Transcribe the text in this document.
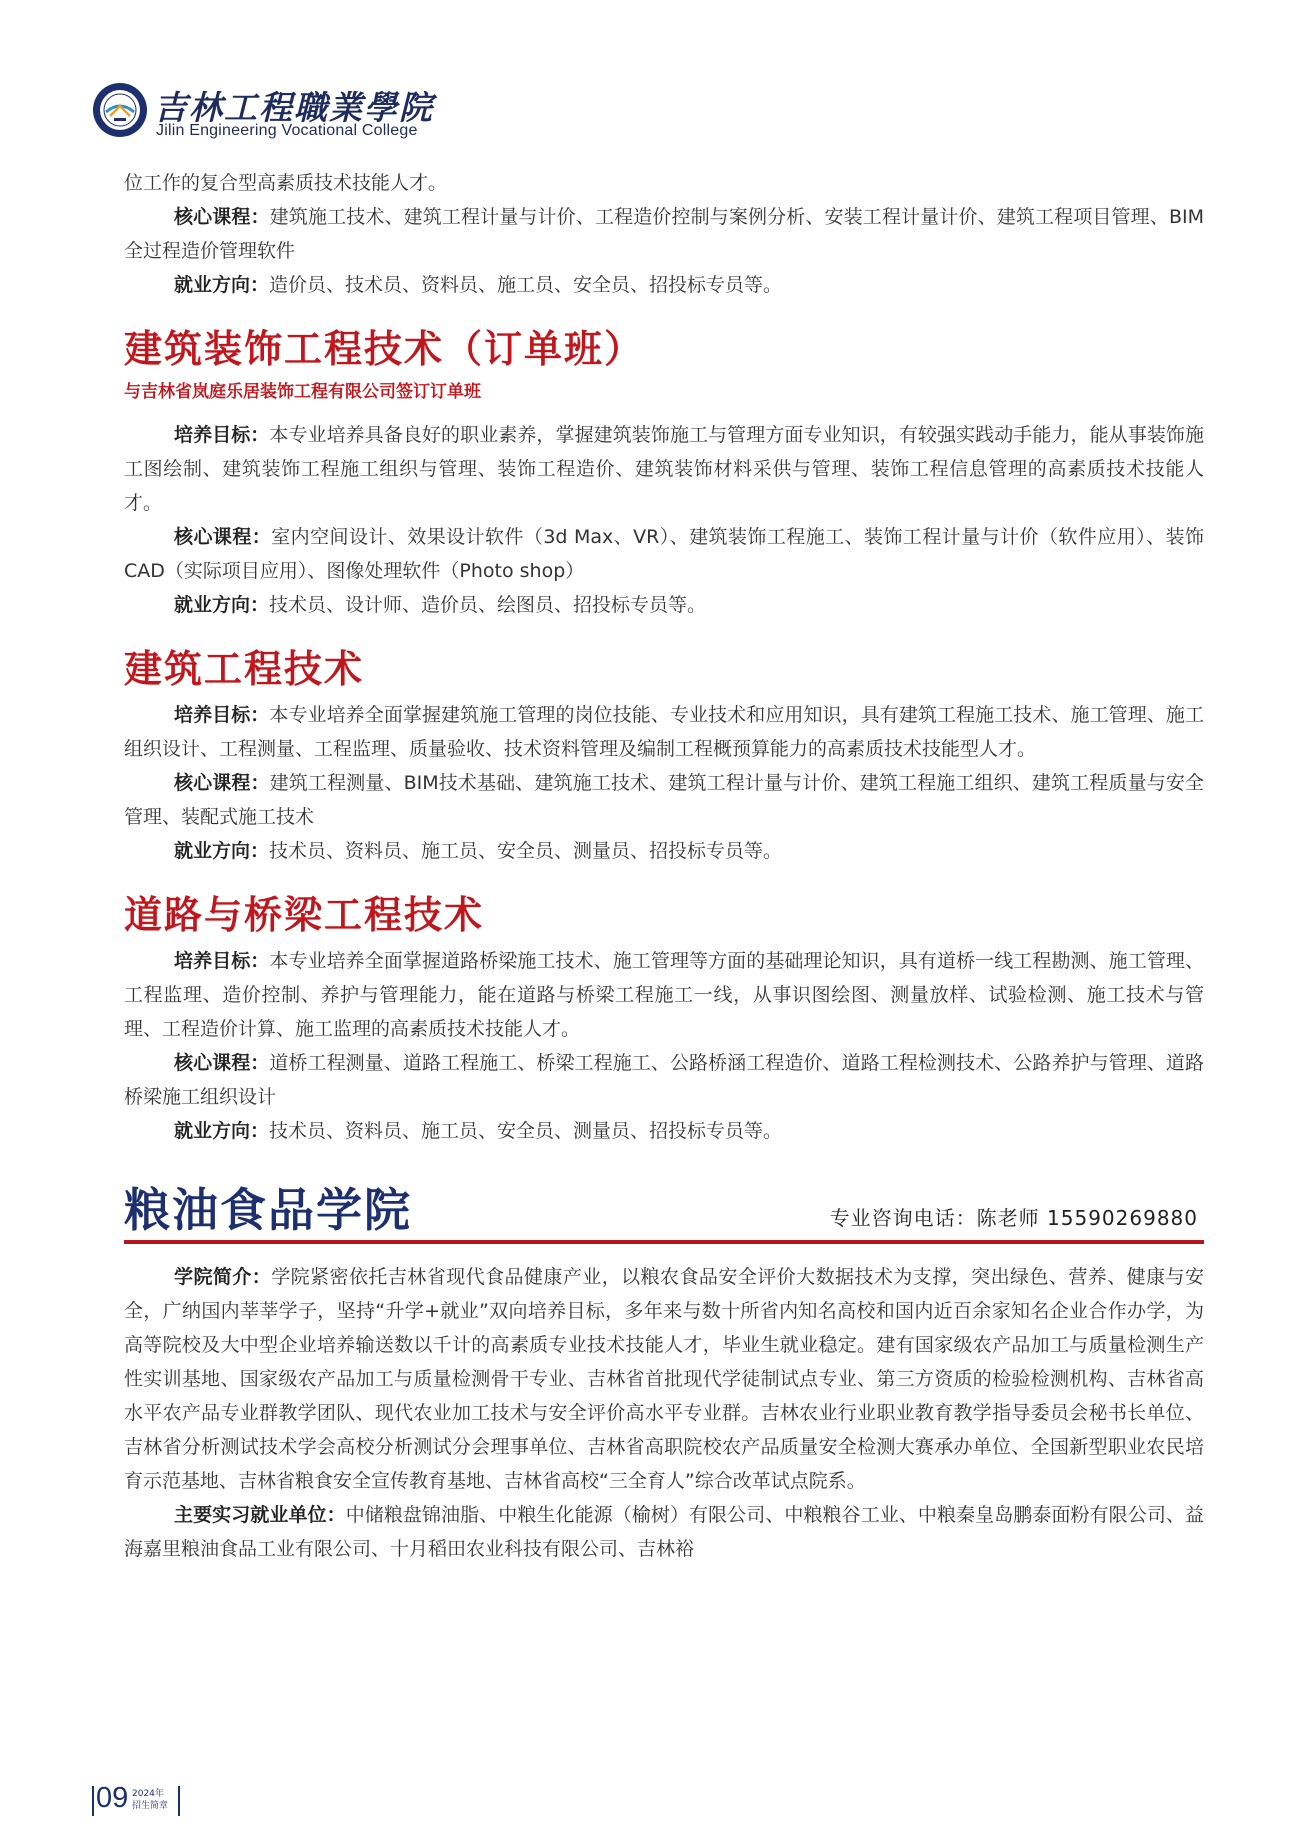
吉林工程職業學院
Jilin Engineering Vocational College

位工作的复合型高素质技术技能人才。

核心课程：建筑施工技术、建筑工程计量与计价、工程造价控制与案例分析、安装工程计量计价、建筑工程项目管理、BIM全过程造价管理软件

就业方向：造价员、技术员、资料员、施工员、安全员、招投标专员等。

建筑装饰工程技术（订单班）
与吉林省岚庭乐居装饰工程有限公司签订订单班

培养目标：本专业培养具备良好的职业素养，掌握建筑装饰施工与管理方面专业知识，有较强实践动手能力，能从事装饰施工图绘制、建筑装饰工程施工组织与管理、装饰工程造价、建筑装饰材料采供与管理、装饰工程信息管理的高素质技术技能人才。

核心课程：室内空间设计、效果设计软件（3d Max、VR）、建筑装饰工程施工、装饰工程计量与计价（软件应用）、装饰CAD（实际项目应用）、图像处理软件（Photo shop）

就业方向：技术员、设计师、造价员、绘图员、招投标专员等。

建筑工程技术

培养目标：本专业培养全面掌握建筑施工管理的岗位技能、专业技术和应用知识，具有建筑工程施工技术、施工管理、施工组织设计、工程测量、工程监理、质量验收、技术资料管理及编制工程概预算能力的高素质技术技能型人才。

核心课程：建筑工程测量、BIM技术基础、建筑施工技术、建筑工程计量与计价、建筑工程施工组织、建筑工程质量与安全管理、装配式施工技术

就业方向：技术员、资料员、施工员、安全员、测量员、招投标专员等。

道路与桥梁工程技术

培养目标：本专业培养全面掌握道路桥梁施工技术、施工管理等方面的基础理论知识，具有道桥一线工程勘测、施工管理、工程监理、造价控制、养护与管理能力，能在道路与桥梁工程施工一线，从事识图绘图、测量放样、试验检测、施工技术与管理、工程造价计算、施工监理的高素质技术技能人才。

核心课程：道桥工程测量、道路工程施工、桥梁工程施工、公路桥涵工程造价、道路工程检测技术、公路养护与管理、道路桥梁施工组织设计

就业方向：技术员、资料员、施工员、安全员、测量员、招投标专员等。

粮油食品学院	专业咨询电话：陈老师 15590269880

学院简介：学院紧密依托吉林省现代食品健康产业，以粮农食品安全评价大数据技术为支撑，突出绿色、营养、健康与安全，广纳国内莘莘学子，坚持“升学+就业”双向培养目标，多年来与数十所省内知名高校和国内近百余家知名企业合作办学，为高等院校及大中型企业培养输送数以千计的高素质专业技术技能人才，毕业生就业稳定。建有国家级农产品加工与质量检测生产性实训基地、国家级农产品加工与质量检测骨干专业、吉林省首批现代学徒制试点专业、第三方资质的检验检测机构、吉林省高水平农产品专业群教学团队、现代农业加工技术与安全评价高水平专业群。吉林农业行业职业教育教学指导委员会秘书长单位、吉林省分析测试技术学会高校分析测试分会理事单位、吉林省高职院校农产品质量安全检测大赛承办单位、全国新型职业农民培育示范基地、吉林省粮食安全宣传教育基地、吉林省高校“三全育人”综合改革试点院系。

主要实习就业单位：中储粮盘锦油脂、中粮生化能源（榆树）有限公司、中粮粮谷工业、中粮秦皇岛鹏泰面粉有限公司、益海嘉里粮油食品工业有限公司、十月稻田农业科技有限公司、吉林裕

09 2024年
招生简章
